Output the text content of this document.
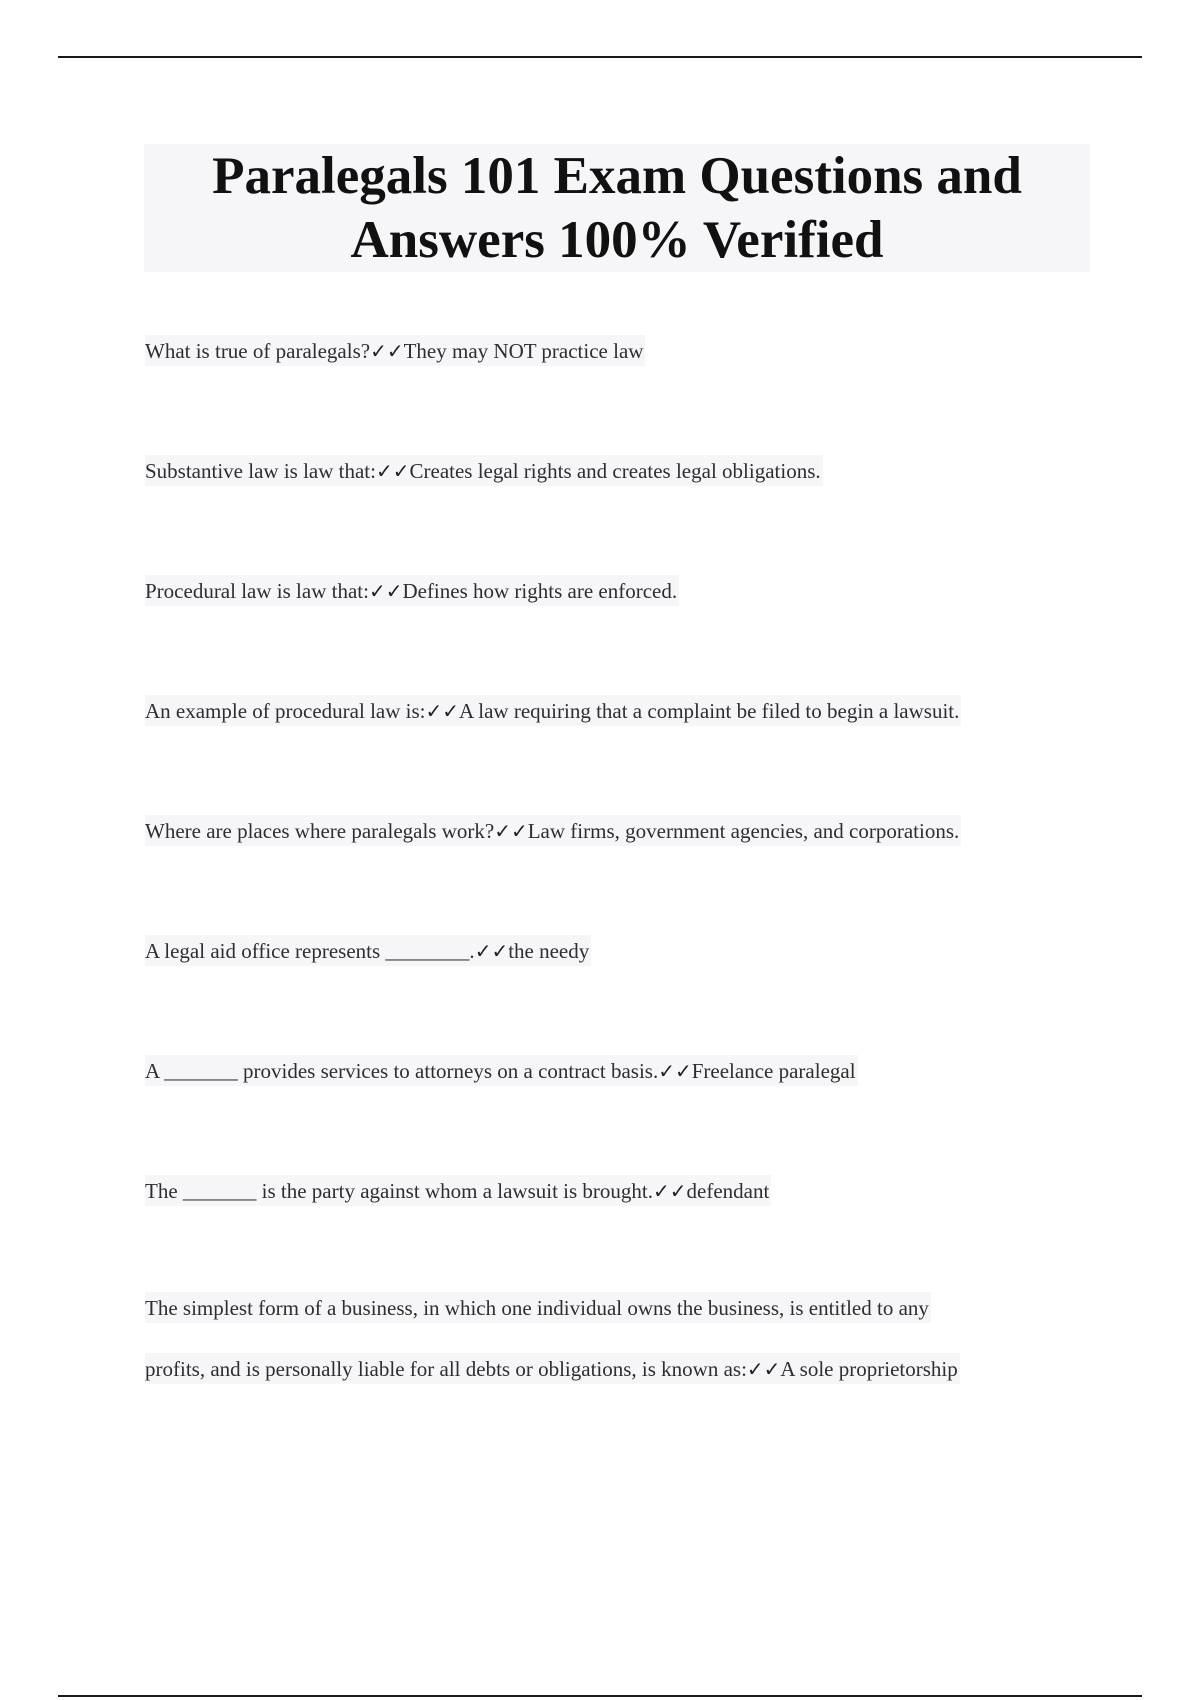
Paralegals 101 Exam Questions and Answers 100% Verified
What is true of paralegals?✓✓They may NOT practice law
Substantive law is law that:✓✓Creates legal rights and creates legal obligations.
Procedural law is law that:✓✓Defines how rights are enforced.
An example of procedural law is:✓✓A law requiring that a complaint be filed to begin a lawsuit.
Where are places where paralegals work?✓✓Law firms, government agencies, and corporations.
A legal aid office represents ________.✓✓the needy
A _______ provides services to attorneys on a contract basis.✓✓Freelance paralegal
The _______ is the party against whom a lawsuit is brought.✓✓defendant
The simplest form of a business, in which one individual owns the business, is entitled to any
profits, and is personally liable for all debts or obligations, is known as:✓✓A sole proprietorship
